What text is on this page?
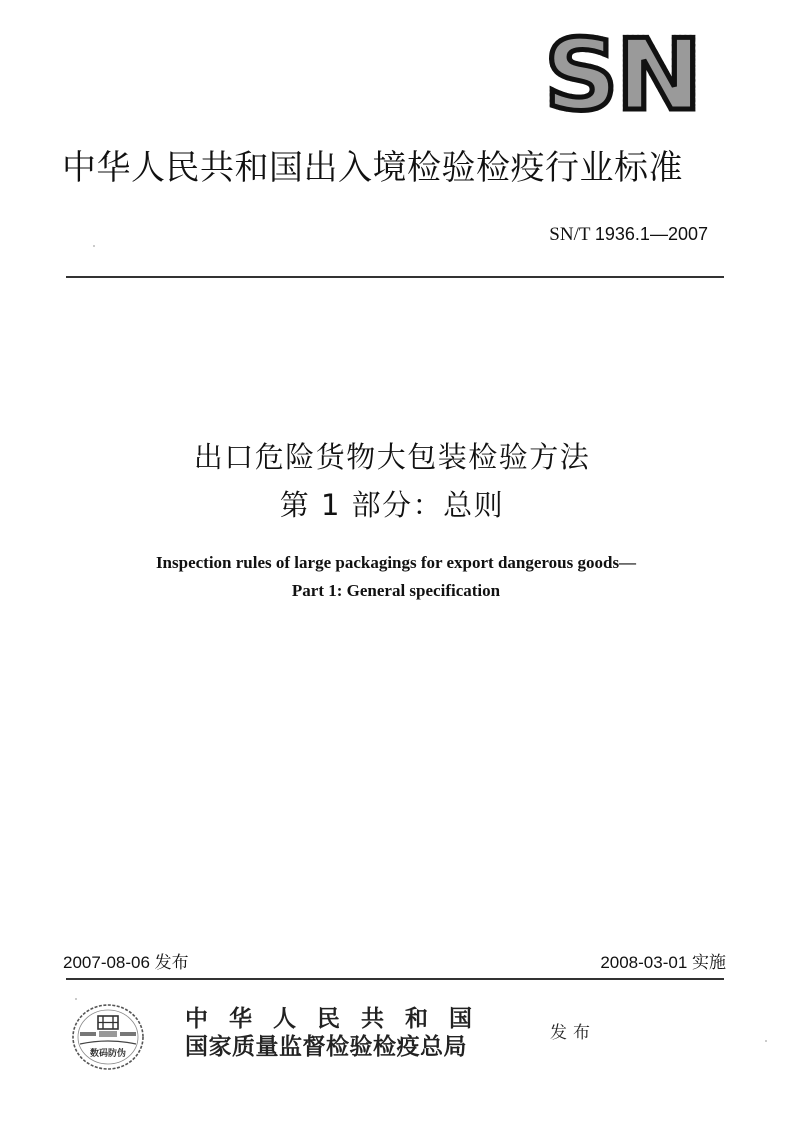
S N
中华人民共和国出入境检验检疫行业标准
SN/T 1936.1—2007
出口危险货物大包装检验方法
第 1 部分：总则
Inspection rules of large packagings for export dangerous goods—
Part 1: General specification
2007-08-06 发布	2008-03-01 实施
数码防伪
中华人民共和国
国家质量监督检验检疫总局	发布
